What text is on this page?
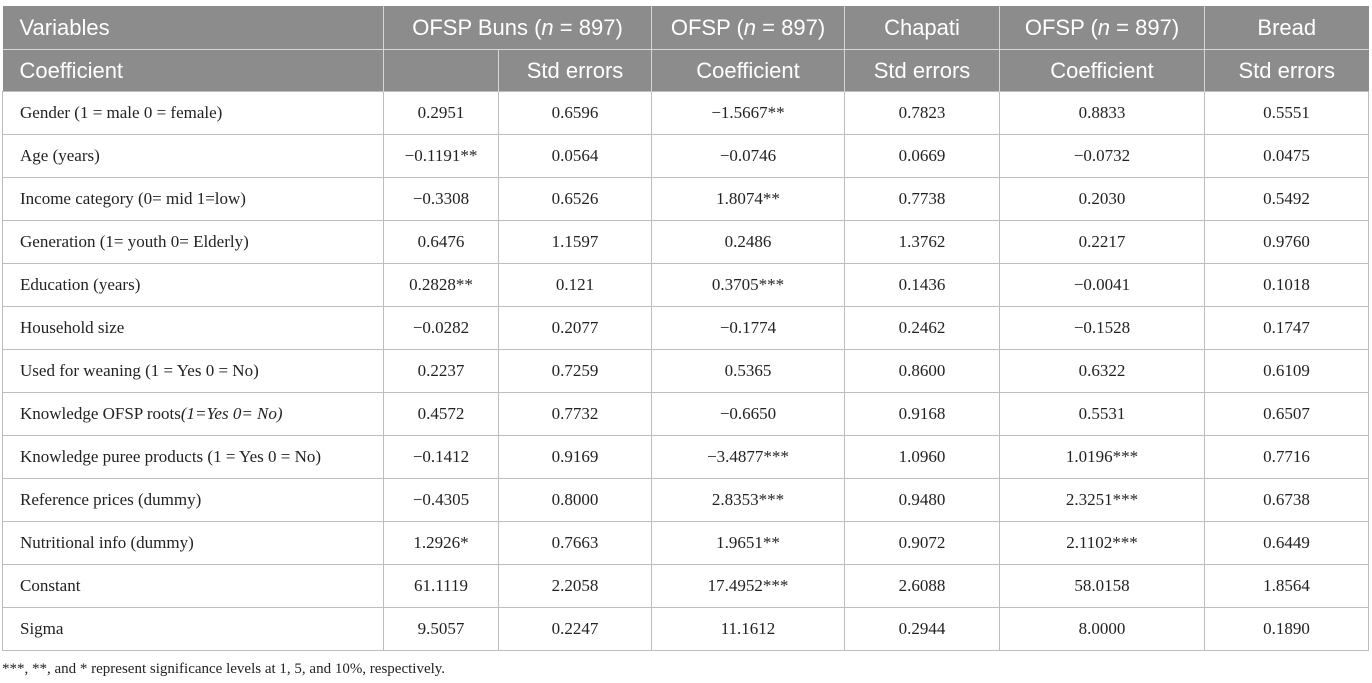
Variables	OFSP Buns (n = 897)		OFSP (n = 897)	Chapati	OFSP (n = 897)	Bread
Coefficient		Std errors	Coefficient	Std errors	Coefficient	Std errors
Gender (1 = male 0 = female)	0.2951	0.6596	−1.5667**	0.7823	0.8833	0.5551
Age (years)	−0.1191**	0.0564	−0.0746	0.0669	−0.0732	0.0475
Income category (0= mid 1=low)	−0.3308	0.6526	1.8074**	0.7738	0.2030	0.5492
Generation (1= youth 0= Elderly)	0.6476	1.1597	0.2486	1.3762	0.2217	0.9760
Education (years)	0.2828**	0.121	0.3705***	0.1436	−0.0041	0.1018
Household size	−0.0282	0.2077	−0.1774	0.2462	−0.1528	0.1747
Used for weaning (1 = Yes 0 = No)	0.2237	0.7259	0.5365	0.8600	0.6322	0.6109
Knowledge OFSP roots(1=Yes 0= No)	0.4572	0.7732	−0.6650	0.9168	0.5531	0.6507
Knowledge puree products (1 = Yes 0 = No)	−0.1412	0.9169	−3.4877***	1.0960	1.0196***	0.7716
Reference prices (dummy)	−0.4305	0.8000	2.8353***	0.9480	2.3251***	0.6738
Nutritional info (dummy)	1.2926*	0.7663	1.9651**	0.9072	2.1102***	0.6449
Constant	61.1119	2.2058	17.4952***	2.6088	58.0158	1.8564
Sigma	9.5057	0.2247	11.1612	0.2944	8.0000	0.1890
***, **, and * represent significance levels at 1, 5, and 10%, respectively.
